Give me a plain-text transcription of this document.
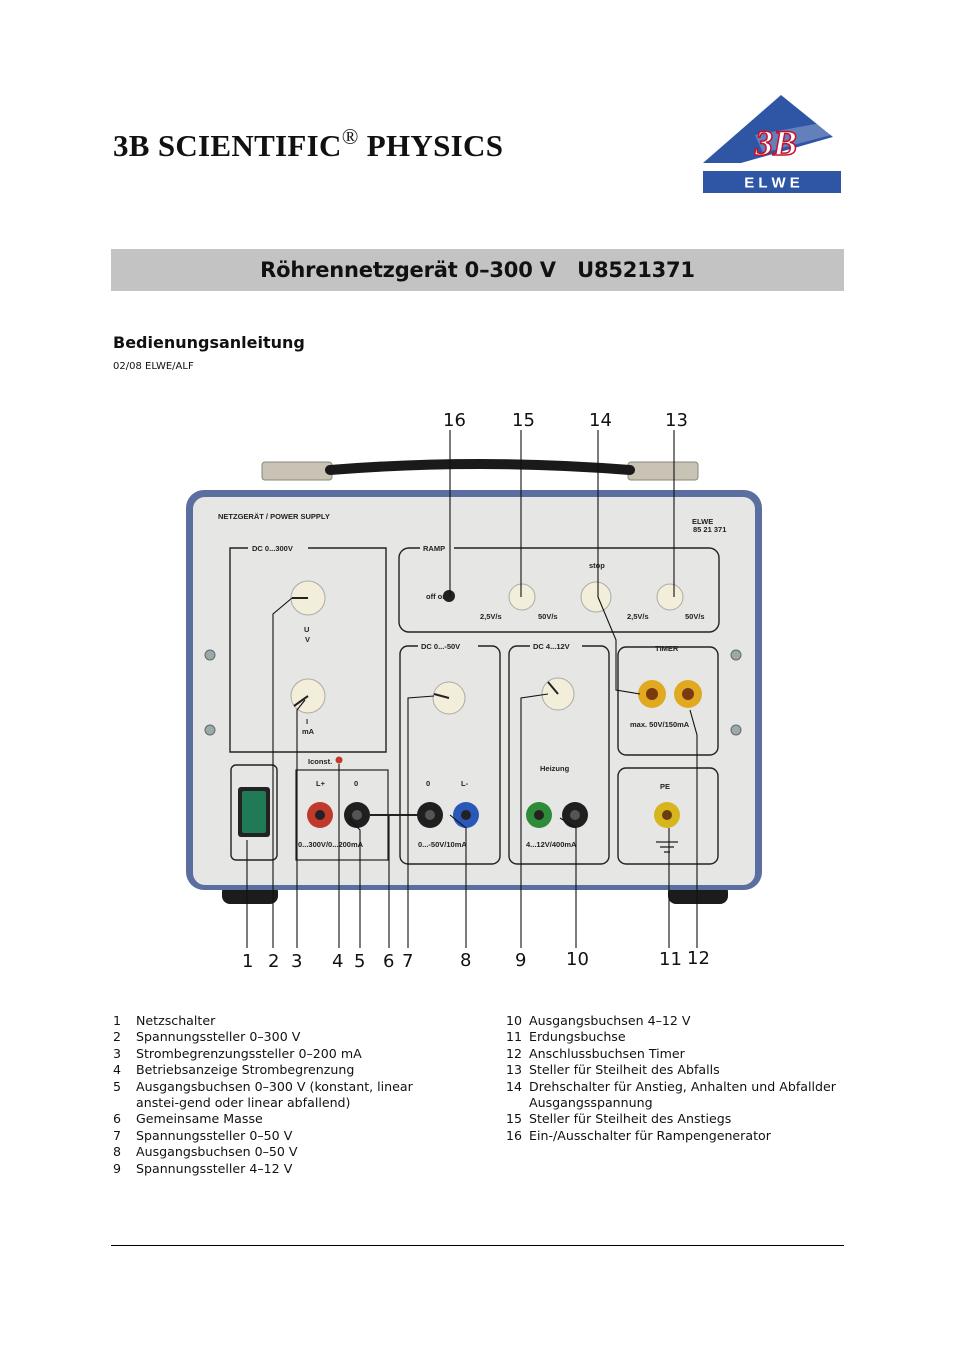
3B SCIENTIFIC® PHYSICS	3B
E L W E
Röhrennetzgerät 0–300 V   U8521371
Bedienungsanleitung
02/08 ELWE/ALF
NETZGERÄT / POWER SUPPLY
ELWE
85 21 371
DC 0...300V
U
V
I
mA
Iconst.
L+	0
0...300V/0...200mA
RAMP
off on
2,5V/s	50V/s	2,5V/s	50V/s
stop
DC 0...-50V
0	L-
0...-50V/10mA
DC 4...12V
Heizung
4...12V/400mA
TIMER
max. 50V/150mA
PE
16	15	14	13
1 2 3 4 5 6 7	8 9 10	11 12
1	Netzschalter
2	Spannungssteller 0–300 V
3	Strombegrenzungssteller 0–200 mA
4	Betriebsanzeige Strombegrenzung
5	Ausgangsbuchsen 0–300 V (konstant, linear anstei-gend oder linear abfallend)
6	Gemeinsame Masse
7	Spannungssteller 0–50 V
8	Ausgangsbuchsen 0–50 V
9	Spannungssteller 4–12 V
10 Ausgangsbuchsen 4–12 V
11 Erdungsbuchse
12 Anschlussbuchsen Timer
13 Steller für Steilheit des Abfalls
14 Drehschalter für Anstieg, Anhalten und Abfallder Ausgangsspannung
15 Steller für Steilheit des Anstiegs
16 Ein-/Ausschalter für Rampengenerator
